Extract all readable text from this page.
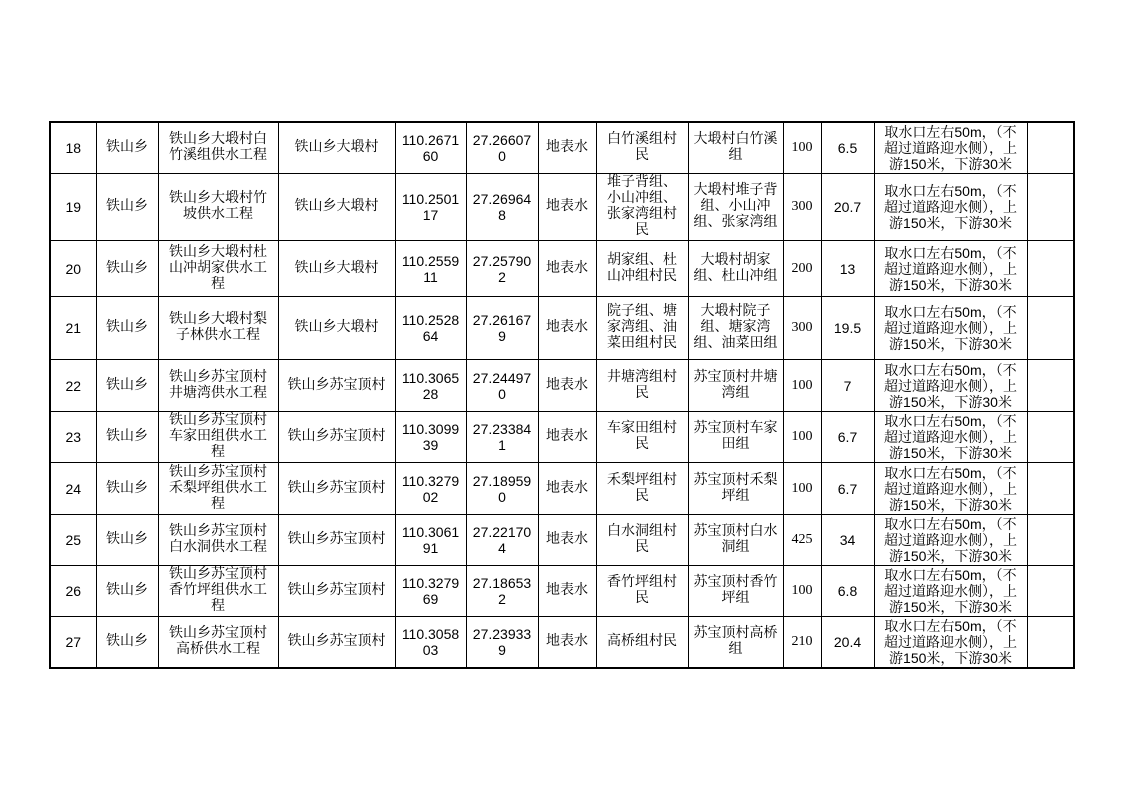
18	铁山乡	铁山乡大塅村白竹溪组供水工程	铁山乡大塅村	110.267160	27.266070	地表水	白竹溪组村民	大塅村白竹溪组	100	6.5	取水口左右50m，（不超过道路迎水侧），上游150米，下游30米	
19	铁山乡	铁山乡大塅村竹坡供水工程	铁山乡大塅村	110.250117	27.269648	地表水	堆子背组、小山冲组、张家湾组村民	大塅村堆子背组、小山冲组、张家湾组	300	20.7	取水口左右50m，（不超过道路迎水侧），上游150米，下游30米	
20	铁山乡	铁山乡大塅村杜山冲胡家供水工程	铁山乡大塅村	110.255911	27.257902	地表水	胡家组、杜山冲组村民	大塅村胡家组、杜山冲组	200	13	取水口左右50m，（不超过道路迎水侧），上游150米，下游30米	
21	铁山乡	铁山乡大塅村梨子林供水工程	铁山乡大塅村	110.252864	27.261679	地表水	院子组、塘家湾组、油菜田组村民	大塅村院子组、塘家湾组、油菜田组	300	19.5	取水口左右50m，（不超过道路迎水侧），上游150米，下游30米	
22	铁山乡	铁山乡苏宝顶村井塘湾供水工程	铁山乡苏宝顶村	110.306528	27.244970	地表水	井塘湾组村民	苏宝顶村井塘湾组	100	7	取水口左右50m，（不超过道路迎水侧），上游150米，下游30米	
23	铁山乡	铁山乡苏宝顶村车家田组供水工程	铁山乡苏宝顶村	110.309939	27.233841	地表水	车家田组村民	苏宝顶村车家田组	100	6.7	取水口左右50m，（不超过道路迎水侧），上游150米，下游30米	
24	铁山乡	铁山乡苏宝顶村禾梨坪组供水工程	铁山乡苏宝顶村	110.327902	27.189590	地表水	禾梨坪组村民	苏宝顶村禾梨坪组	100	6.7	取水口左右50m，（不超过道路迎水侧），上游150米，下游30米	
25	铁山乡	铁山乡苏宝顶村白水洞供水工程	铁山乡苏宝顶村	110.306191	27.221704	地表水	白水洞组村民	苏宝顶村白水洞组	425	34	取水口左右50m，（不超过道路迎水侧），上游150米，下游30米	
26	铁山乡	铁山乡苏宝顶村香竹坪组供水工程	铁山乡苏宝顶村	110.327969	27.186532	地表水	香竹坪组村民	苏宝顶村香竹坪组	100	6.8	取水口左右50m，（不超过道路迎水侧），上游150米，下游30米	
27	铁山乡	铁山乡苏宝顶村高桥供水工程	铁山乡苏宝顶村	110.305803	27.239339	地表水	高桥组村民	苏宝顶村高桥组	210	20.4	取水口左右50m，（不超过道路迎水侧），上游150米，下游30米	
